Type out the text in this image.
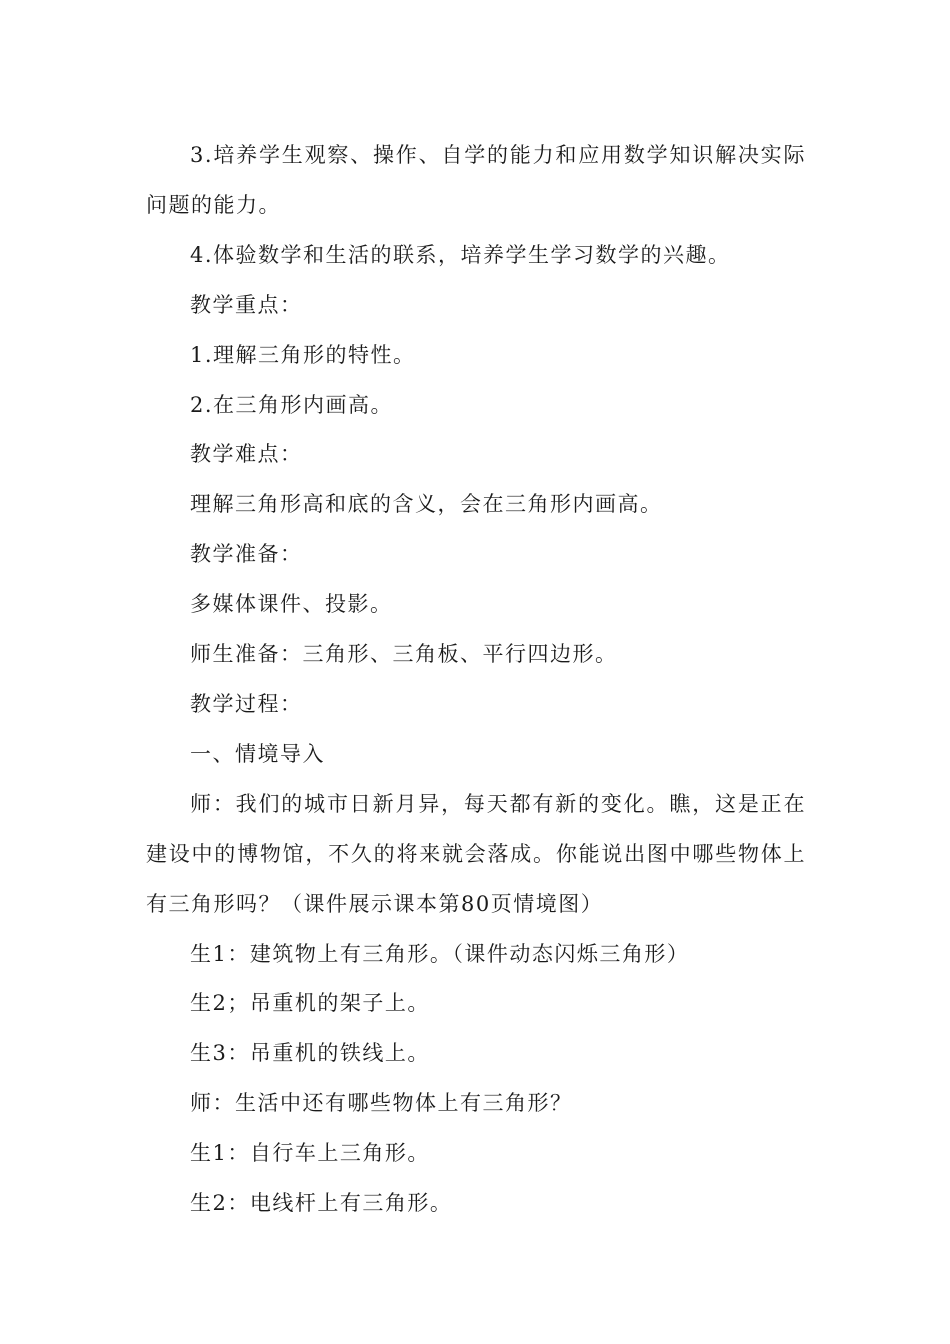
3.培养学生观察、操作、自学的能力和应用数学知识解决实际问题的能力。

4.体验数学和生活的联系，培养学生学习数学的兴趣。

教学重点：

1.理解三角形的特性。

2.在三角形内画高。

教学难点：

理解三角形高和底的含义，会在三角形内画高。

教学准备：

多媒体课件、投影。

师生准备：三角形、三角板、平行四边形。

教学过程：

一、情境导入

师：我们的城市日新月异，每天都有新的变化。瞧，这是正在建设中的博物馆，不久的将来就会落成。你能说出图中哪些物体上有三角形吗？（课件展示课本第80页情境图）

生1：建筑物上有三角形。（课件动态闪烁三角形）

生2；吊重机的架子上。

生3：吊重机的铁线上。

师：生活中还有哪些物体上有三角形？

生1：自行车上三角形。

生2：电线杆上有三角形。
